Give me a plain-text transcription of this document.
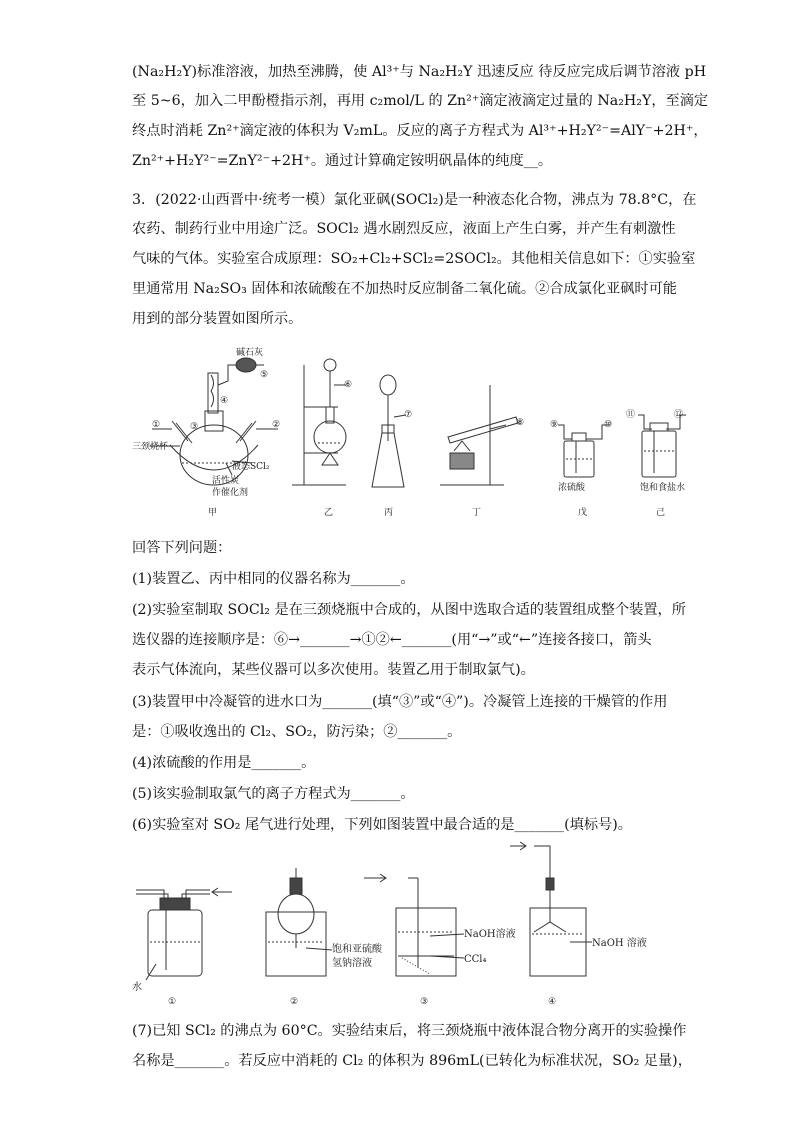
(Na₂H₂Y)标准溶液，加热至沸腾，使 Al³⁺与 Na₂H₂Y 迅速反应 待反应完成后调节溶液 pH
至 5~6，加入二甲酚橙指示剂，再用 c₂mol/L 的 Zn²⁺滴定液滴定过量的 Na₂H₂Y，至滴定
终点时消耗 Zn²⁺滴定液的体积为 V₂mL。反应的离子方程式为 Al³⁺+H₂Y²⁻=AlY⁻+2H⁺，
Zn²⁺+H₂Y²⁻=ZnY²⁻+2H⁺。通过计算确定铵明矾晶体的纯度__。
3．(2022·山西晋中·统考一模）氯化亚砜(SOCl₂)是一种液态化合物，沸点为 78.8°C，在
农药、制药行业中用途广泛。SOCl₂ 遇水剧烈反应，液面上产生白雾，并产生有刺激性
气味的气体。实验室合成原理：SO₂+Cl₂+SCl₂=2SOCl₂。其他相关信息如下：①实验室
里通常用 Na₂SO₃ 固体和浓硫酸在不加热时反应制备二氧化硫。②合成氯化亚砜时可能
用到的部分装置如图所示。
①	②
③
④
⑤
碱石灰
三颈烧杯
液态SCl₂
活性炭
作催化剂
甲
⑥
乙
⑦
丙
⑧
丁
⑨	⑩
浓硫酸
戊
⑪	⑫
饱和食盐水
己
回答下列问题：
(1)装置乙、丙中相同的仪器名称为_______。
(2)实验室制取 SOCl₂ 是在三颈烧瓶中合成的，从图中选取合适的装置组成整个装置，所
选仪器的连接顺序是：⑥→_______→①②←_______(用“→”或“←”连接各接口，箭头
表示气体流向，某些仪器可以多次使用。装置乙用于制取氯气)。
(3)装置甲中冷凝管的进水口为_______(填“③”或“④”)。冷凝管上连接的干燥管的作用
是：①吸收逸出的 Cl₂、SO₂，防污染；②_______。
(4)浓硫酸的作用是_______。
(5)该实验制取氯气的离子方程式为_______。
(6)实验室对 SO₂ 尾气进行处理，下列如图装置中最合适的是_______(填标号)。
水
①
饱和亚硫酸
氢钠溶液
②
NaOH溶液
CCl₄
③
NaOH 溶液
④
(7)已知 SCl₂ 的沸点为 60°C。实验结束后，将三颈烧瓶中液体混合物分离开的实验操作
名称是_______。若反应中消耗的 Cl₂ 的体积为 896mL(已转化为标准状况，SO₂ 足量)，
